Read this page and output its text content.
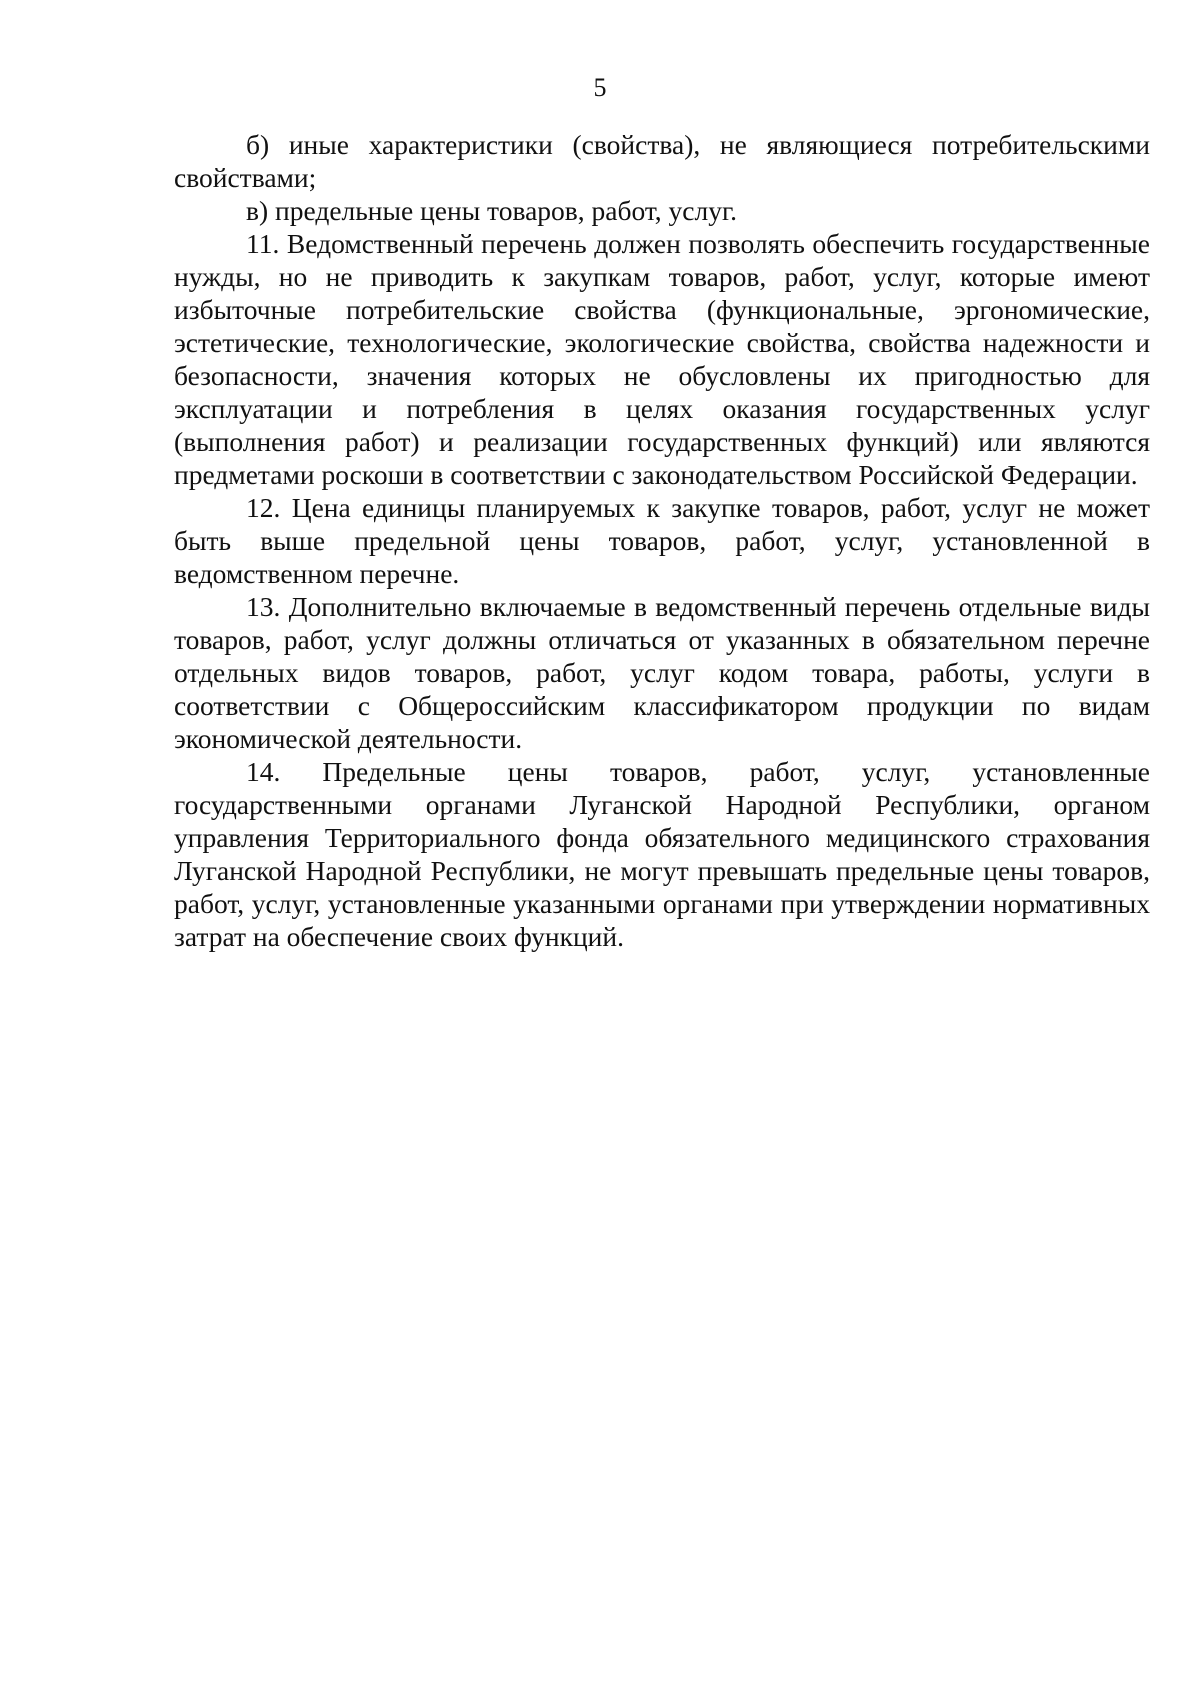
5

б) иные характеристики (свойства), не являющиеся потребительскими свойствами;

в) предельные цены товаров, работ, услуг.

11. Ведомственный перечень должен позволять обеспечить государственные нужды, но не приводить к закупкам товаров, работ, услуг, которые имеют избыточные потребительские свойства (функциональные, эргономические, эстетические, технологические, экологические свойства, свойства надежности и безопасности, значения которых не обусловлены их пригодностью для эксплуатации и потребления в целях оказания государственных услуг (выполнения работ) и реализации государственных функций) или являются предметами роскоши в соответствии с законодательством Российской Федерации.

12. Цена единицы планируемых к закупке товаров, работ, услуг не может быть выше предельной цены товаров, работ, услуг, установленной в ведомственном перечне.

13. Дополнительно включаемые в ведомственный перечень отдельные виды товаров, работ, услуг должны отличаться от указанных в обязательном перечне отдельных видов товаров, работ, услуг кодом товара, работы, услуги в соответствии с Общероссийским классификатором продукции по видам экономической деятельности.

14. Предельные цены товаров, работ, услуг, установленные государственными органами Луганской Народной Республики, органом управления Территориального фонда обязательного медицинского страхования Луганской Народной Республики, не могут превышать предельные цены товаров, работ, услуг, установленные указанными органами при утверждении нормативных затрат на обеспечение своих функций.
